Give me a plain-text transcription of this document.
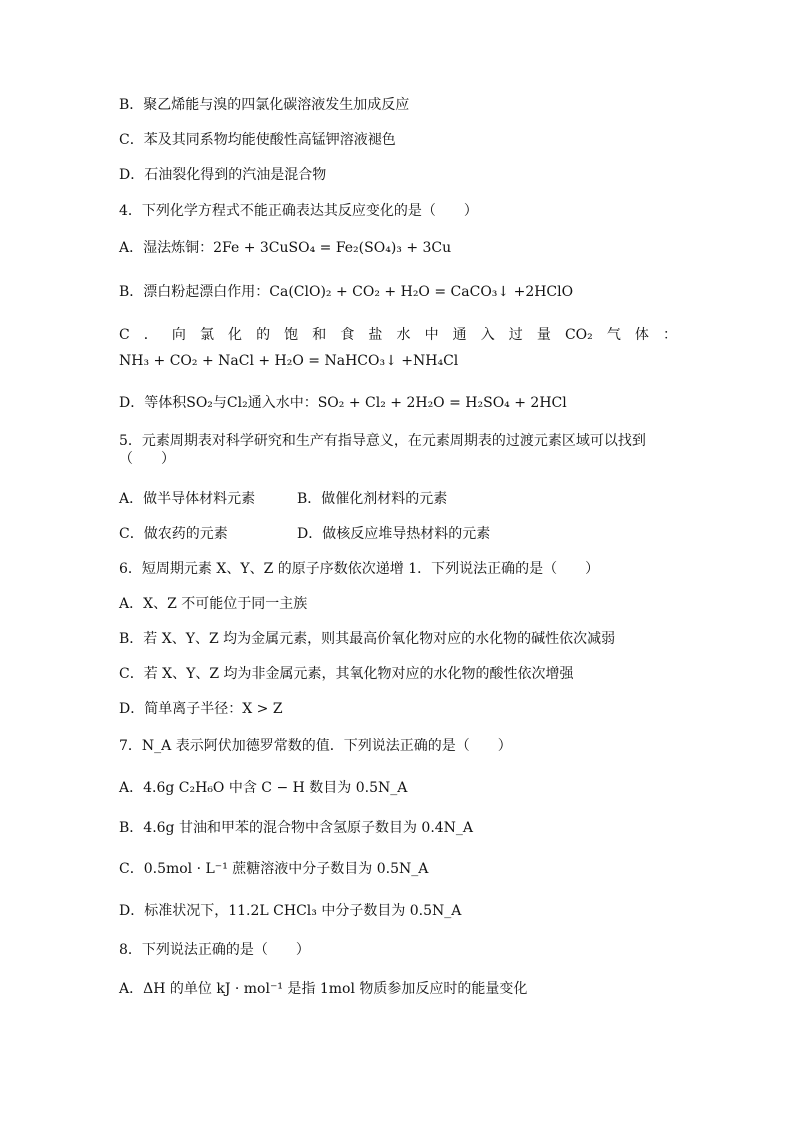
B．聚乙烯能与溴的四氯化碳溶液发生加成反应
C．苯及其同系物均能使酸性高锰钾溶液褪色
D．石油裂化得到的汽油是混合物
4．下列化学方程式不能正确表达其反应变化的是（　　）
A．湿法炼铜：2Fe + 3CuSO₄ = Fe₂(SO₄)₃ + 3Cu
B．漂白粉起漂白作用：Ca(ClO)₂ + CO₂ + H₂O = CaCO₃↓ +2HClO
C．向氯化的饱和食盐水中通入过量CO₂气体：
NH₃ + CO₂ + NaCl + H₂O = NaHCO₃↓ +NH₄Cl
D．等体积SO₂与Cl₂通入水中：SO₂ + Cl₂ + 2H₂O = H₂SO₄ + 2HCl
5．元素周期表对科学研究和生产有指导意义，在元素周期表的过渡元素区域可以找到（　　）
A．做半导体材料元素	B．做催化剂材料的元素
C．做农药的元素	D．做核反应堆导热材料的元素
6．短周期元素 X、Y、Z 的原子序数依次递增 1．下列说法正确的是（　　）
A．X、Z 不可能位于同一主族
B．若 X、Y、Z 均为金属元素，则其最高价氧化物对应的水化物的碱性依次减弱
C．若 X、Y、Z 均为非金属元素，其氧化物对应的水化物的酸性依次增强
D．简单离子半径：X > Z
7．N_A 表示阿伏加德罗常数的值．下列说法正确的是（　　）
A．4.6g C₂H₆O 中含 C − H 数目为 0.5N_A
B．4.6g 甘油和甲苯的混合物中含氢原子数目为 0.4N_A
C．0.5mol · L⁻¹ 蔗糖溶液中分子数目为 0.5N_A
D．标准状况下，11.2L CHCl₃ 中分子数目为 0.5N_A
8．下列说法正确的是（　　）
A．ΔH 的单位 kJ · mol⁻¹ 是指 1mol 物质参加反应时的能量变化
